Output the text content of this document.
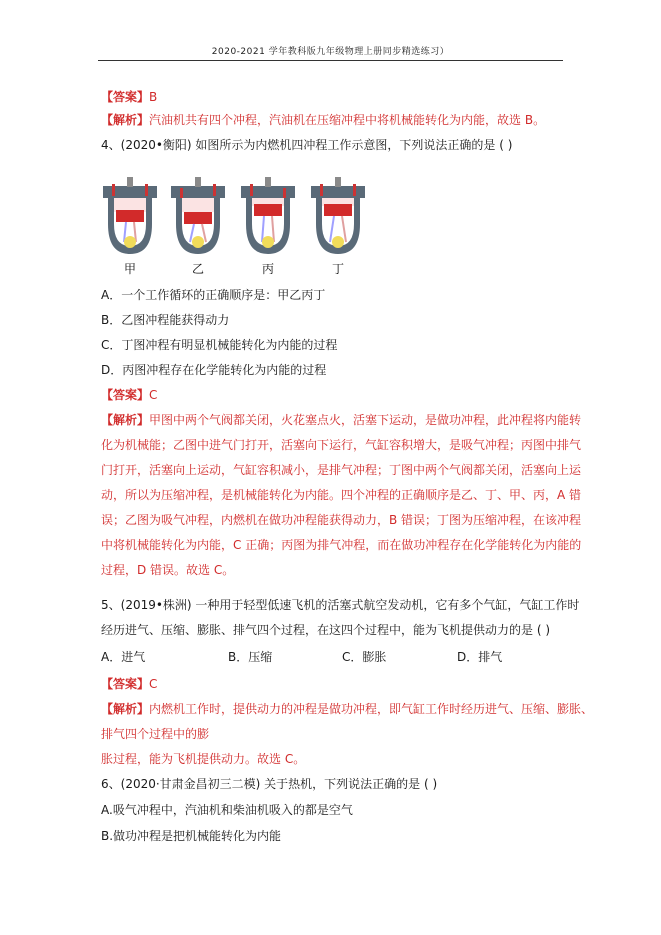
2020-2021 学年教科版九年级物理上册同步精选练习）
【答案】B
【解析】汽油机共有四个冲程，汽油机在压缩冲程中将机械能转化为内能，故选 B。
4、(2020•衡阳) 如图所示为内燃机四冲程工作示意图，下列说法正确的是 ( )
甲	乙	丙	丁
A．一个工作循环的正确顺序是：甲乙丙丁
B．乙图冲程能获得动力
C．丁图冲程有明显机械能转化为内能的过程
D．丙图冲程存在化学能转化为内能的过程
【答案】C
【解析】甲图中两个气阀都关闭，火花塞点火，活塞下运动，是做功冲程，此冲程将内能转
化为机械能；乙图中进气门打开，活塞向下运行，气缸容积增大，是吸气冲程；丙图中排气
门打开，活塞向上运动，气缸容积减小，是排气冲程；丁图中两个气阀都关闭，活塞向上运
动，所以为压缩冲程，是机械能转化为内能。四个冲程的正确顺序是乙、丁、甲、丙，A 错
误；乙图为吸气冲程，内燃机在做功冲程能获得动力，B 错误；丁图为压缩冲程，在该冲程
中将机械能转化为内能，C 正确；丙图为排气冲程，而在做功冲程存在化学能转化为内能的
过程，D 错误。故选 C。
5、(2019•株洲) 一种用于轻型低速飞机的活塞式航空发动机，它有多个气缸，气缸工作时
经历进气、压缩、膨胀、排气四个过程，在这四个过程中，能为飞机提供动力的是 ( )
A．进气	B．压缩	C．膨胀	D．排气
【答案】C
【解析】内燃机工作时，提供动力的冲程是做功冲程，即气缸工作时经历进气、压缩、膨胀、
排气四个过程中的膨
胀过程，能为飞机提供动力。故选 C。
6、(2020·甘肃金昌初三二模) 关于热机，下列说法正确的是 ( )
A.吸气冲程中，汽油机和柴油机吸入的都是空气
B.做功冲程是把机械能转化为内能
